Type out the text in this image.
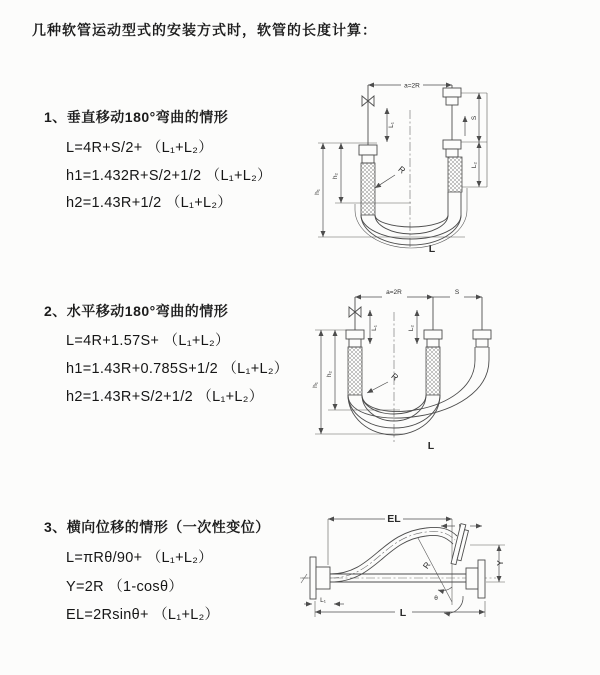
几种软管运动型式的安装方式时，软管的长度计算：
1、垂直移动180°弯曲的情形
L=4R+S/2+ （L₁+L₂）
h1=1.432R+S/2+1/2 （L₁+L₂）
h2=1.43R+1/2 （L₁+L₂）
2、水平移动180°弯曲的情形
L=4R+1.57S+ （L₁+L₂）
h1=1.43R+0.785S+1/2 （L₁+L₂）
h2=1.43R+S/2+1/2 （L₁+L₂）
3、横向位移的情形（一次性变位）
L=πRθ/90+ （L₁+L₂）
Y=2R （1-cosθ）
EL=2Rsinθ+ （L₁+L₂）
a=2R
h₁
h₂
L₁
S
L₂
R
L
a=2R	S
h₁
h₂
L₁	L₂
R
L
EL
Y
R
θ
L
L₁
